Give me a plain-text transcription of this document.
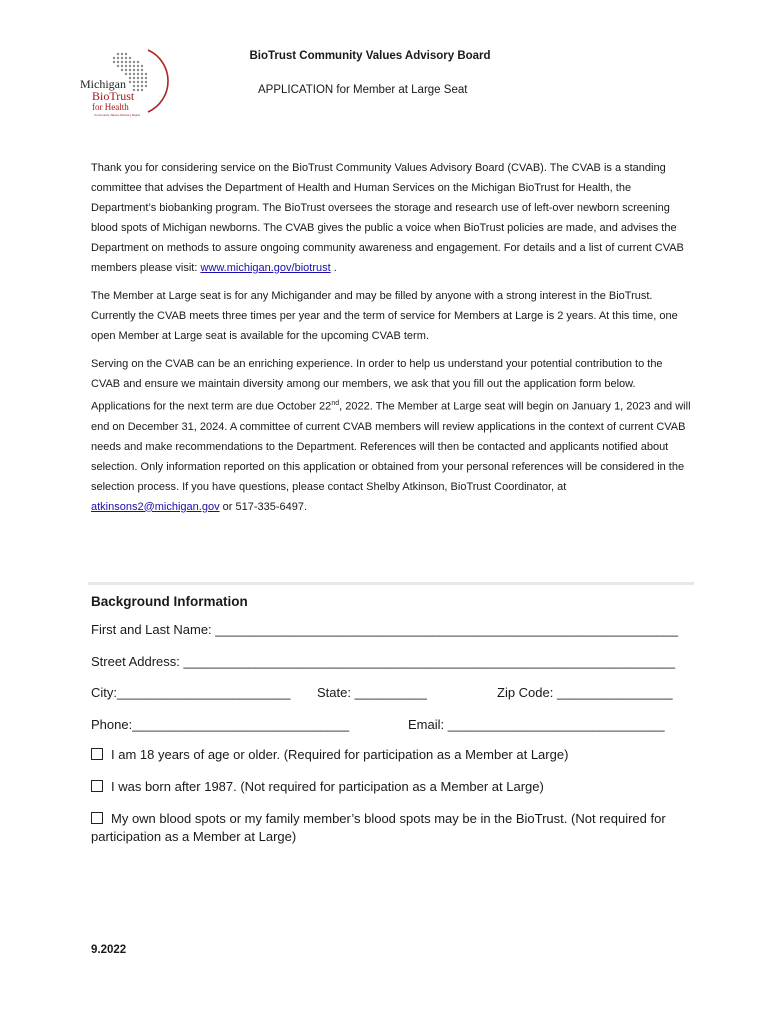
Michigan
BioTrust
for Health
Community Values Advisory Board
BioTrust Community Values Advisory Board
APPLICATION for Member at Large Seat

Thank you for considering service on the BioTrust Community Values Advisory Board (CVAB). The CVAB is a standing committee that advises the Department of Health and Human Services on the Michigan BioTrust for Health, the Department’s biobanking program. The BioTrust oversees the storage and research use of left-over newborn screening blood spots of Michigan newborns. The CVAB gives the public a voice when BioTrust policies are made, and advises the Department on methods to assure ongoing community awareness and engagement. For details and a list of current CVAB members please visit: www.michigan.gov/biotrust .

The Member at Large seat is for any Michigander and may be filled by anyone with a strong interest in the BioTrust. Currently the CVAB meets three times per year and the term of service for Members at Large is 2 years. At this time, one open Member at Large seat is available for the upcoming CVAB term.

Serving on the CVAB can be an enriching experience. In order to help us understand your potential contribution to the CVAB and ensure we maintain diversity among our members, we ask that you fill out the application form below. Applications for the next term are due October 22nd, 2022. The Member at Large seat will begin on January 1, 2023 and will end on December 31, 2024. A committee of current CVAB members will review applications in the context of current CVAB needs and make recommendations to the Department. References will then be contacted and applicants notified about selection. Only information reported on this application or obtained from your personal references will be considered in the selection process. If you have questions, please contact Shelby Atkinson, BioTrust Coordinator, at
atkinsons2@michigan.gov or 517-335-6497.

Background Information
First and Last Name: ________________________________________________________________
Street Address: ____________________________________________________________________
City:________________________ State: __________	Zip Code: ________________
Phone:______________________________	Email: ______________________________
I am 18 years of age or older. (Required for participation as a Member at Large)
I was born after 1987. (Not required for participation as a Member at Large)
My own blood spots or my family member’s blood spots may be in the BioTrust. (Not required for participation as a Member at Large)
9.2022
